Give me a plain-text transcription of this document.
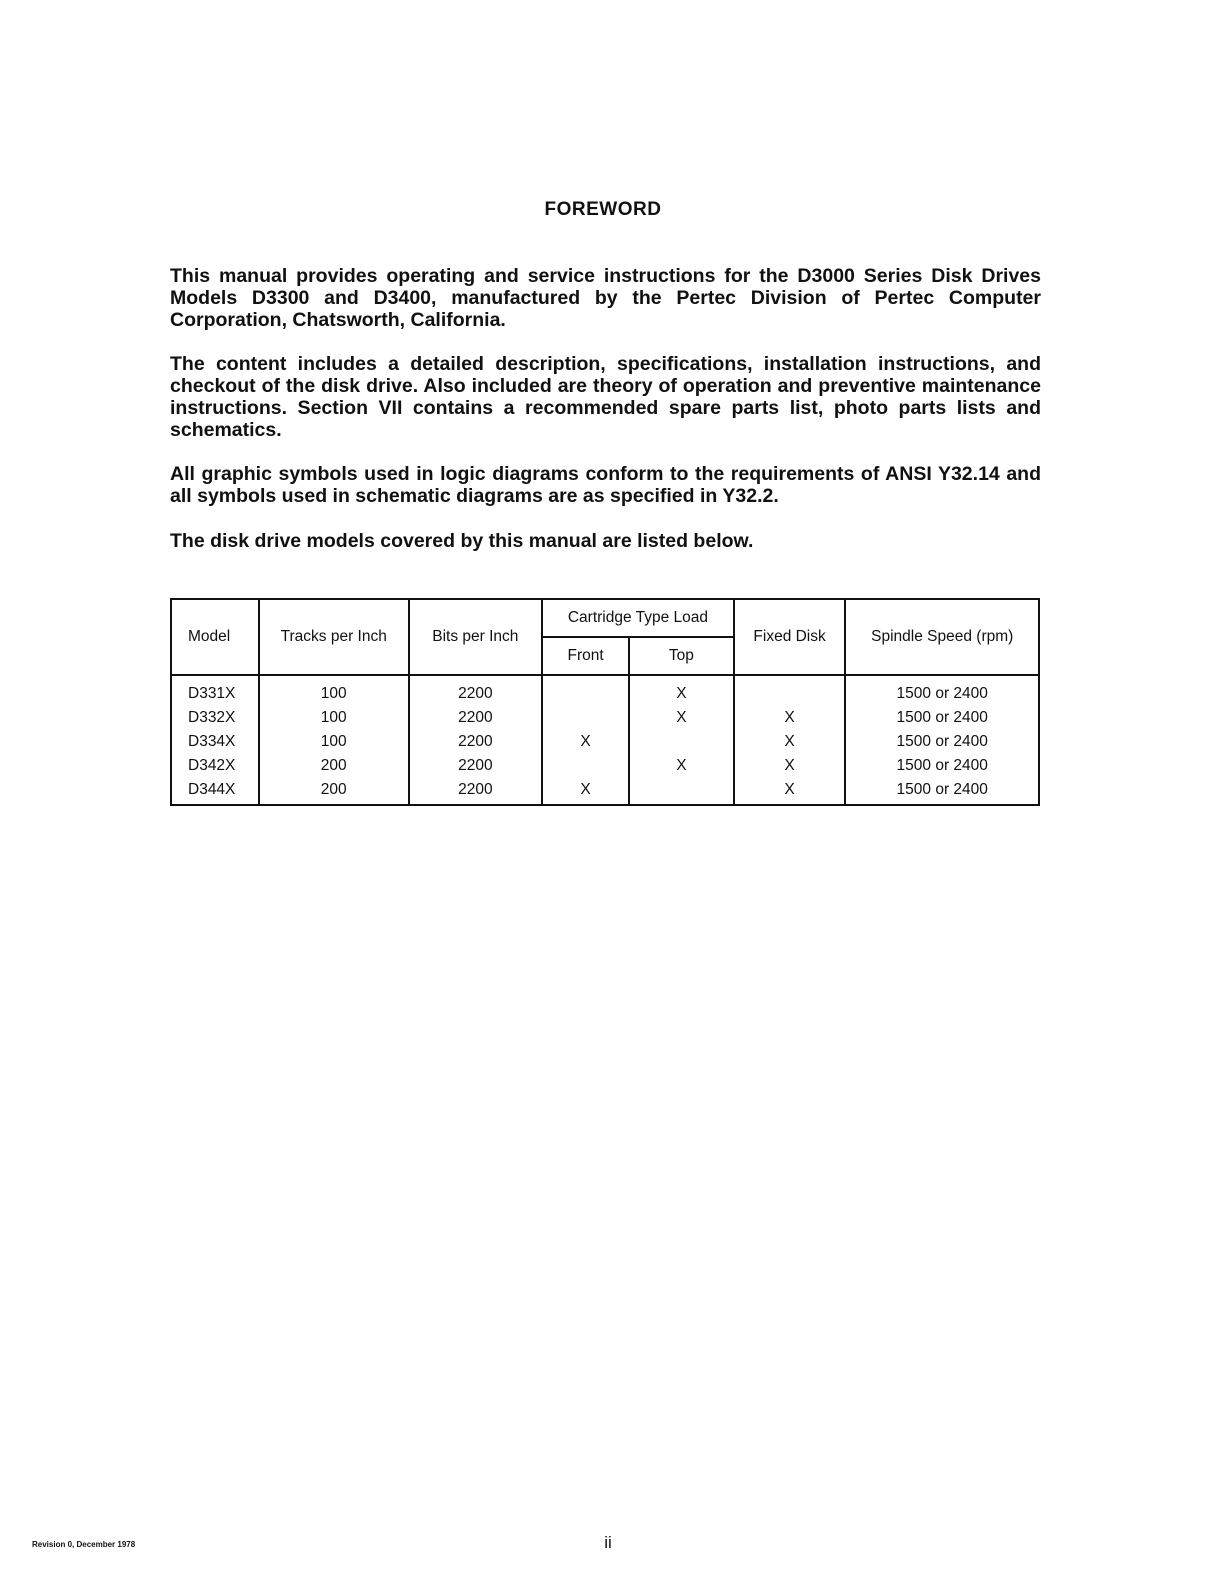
FOREWORD

This manual provides operating and service instructions for the D3000 Series Disk Drives Models D3300 and D3400, manufactured by the Pertec Division of Pertec Computer Corporation, Chatsworth, California.

The content includes a detailed description, specifications, installation instructions, and checkout of the disk drive. Also included are theory of operation and preventive maintenance instructions. Section VII contains a recommended spare parts list, photo parts lists and schematics.

All graphic symbols used in logic diagrams conform to the requirements of ANSI Y32.14 and all symbols used in schematic diagrams are as specified in Y32.2.

The disk drive models covered by this manual are listed below.

Model	Tracks per Inch	Bits per Inch	Cartridge Type Load		Fixed Disk	Spindle Speed (rpm)
			Front	Top		
D331X	100	2200		X		1500 or 2400
D332X	100	2200		X	X	1500 or 2400
D334X	100	2200	X		X	1500 or 2400
D342X	200	2200		X	X	1500 or 2400
D344X	200	2200	X		X	1500 or 2400
Revision 0, December 1978	ii
